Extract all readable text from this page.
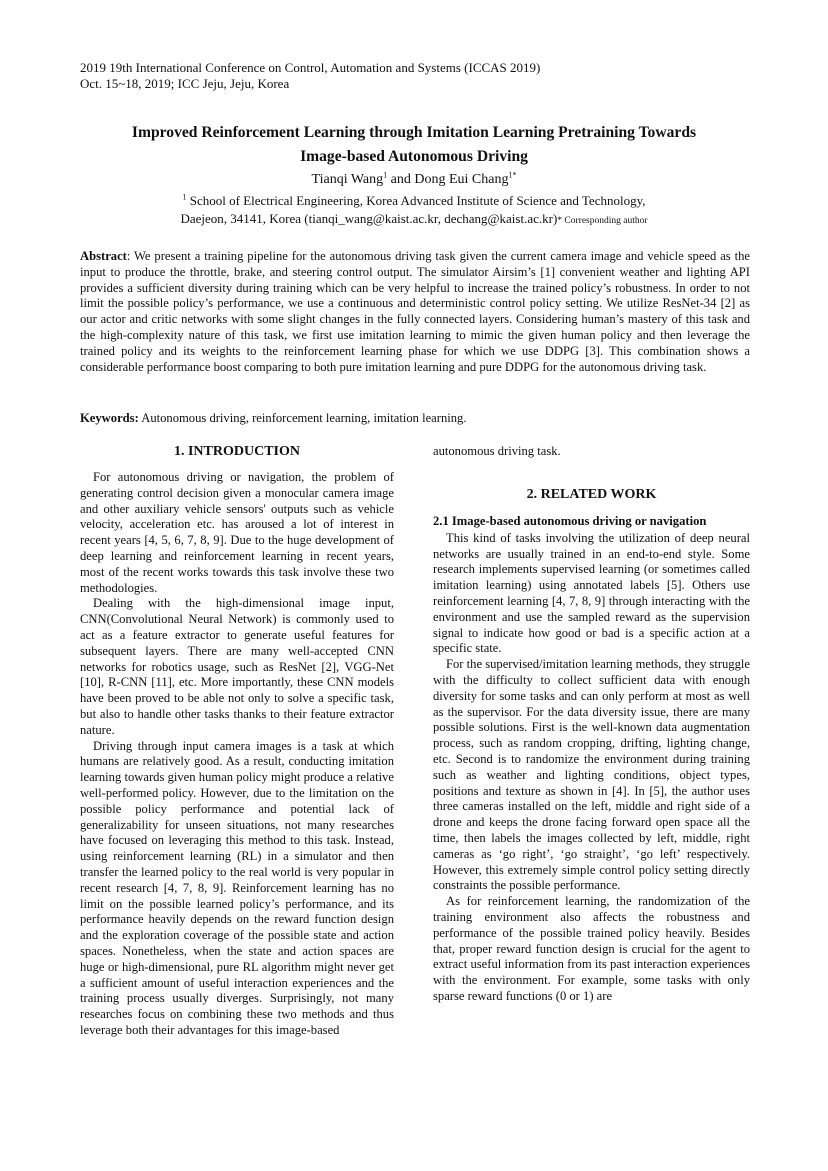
2019 19th International Conference on Control, Automation and Systems (ICCAS 2019)
Oct. 15~18, 2019; ICC Jeju, Jeju, Korea

Improved Reinforcement Learning through Imitation Learning Pretraining Towards
Image-based Autonomous Driving

Tianqi Wang$^1$ and Dong Eui Chang$^{1*}$
$^1$ School of Electrical Engineering, Korea Advanced Institute of Science and Technology,
Daejeon, 34141, Korea (tianqi_wang@kaist.ac.kr, dechang@kaist.ac.kr)* Corresponding author

Abstract: We present a training pipeline for the autonomous driving task given the current camera image and vehicle speed as the input to produce the throttle, brake, and steering control output. The simulator Airsim’s [1] convenient weather and lighting API provides a sufficient diversity during training which can be very helpful to increase the trained policy’s robustness. In order to not limit the possible policy’s performance, we use a continuous and deterministic control policy setting. We utilize ResNet-34 [2] as our actor and critic networks with some slight changes in the fully connected layers. Considering human’s mastery of this task and the high-complexity nature of this task, we first use imitation learning to mimic the given human policy and then leverage the trained policy and its weights to the reinforcement learning phase for which we use DDPG [3]. This combination shows a considerable performance boost comparing to both pure imitation learning and pure DDPG for the autonomous driving task.

Keywords: Autonomous driving, reinforcement learning, imitation learning.

1. INTRODUCTION

For autonomous driving or navigation, the problem of generating control decision given a monocular camera image and other auxiliary vehicle sensors' outputs such as vehicle velocity, acceleration etc. has aroused a lot of interest in recent years [4, 5, 6, 7, 8, 9]. Due to the huge development of deep learning and reinforcement learning in recent years, most of the recent works towards this task involve these two methodologies.

Dealing with the high-dimensional image input, CNN(Convolutional Neural Network) is commonly used to act as a feature extractor to generate useful features for subsequent layers. There are many well-accepted CNN networks for robotics usage, such as ResNet [2], VGG-Net [10], R-CNN [11], etc. More importantly, these CNN models have been proved to be able not only to solve a specific task, but also to handle other tasks thanks to their feature extractor nature.

Driving through input camera images is a task at which humans are relatively good. As a result, conducting imitation learning towards given human policy might produce a relative well-performed policy. However, due to the limitation on the possible policy performance and potential lack of generalizability for unseen situations, not many researches have focused on leveraging this method to this task. Instead, using reinforcement learning (RL) in a simulator and then transfer the learned policy to the real world is very popular in recent research [4, 7, 8, 9]. Reinforcement learning has no limit on the possible learned policy’s performance, and its performance heavily depends on the reward function design and the exploration coverage of the possible state and action spaces. Nonetheless, when the state and action spaces are huge or high-dimensional, pure RL algorithm might never get a sufficient amount of useful interaction experiences and the training process usually diverges. Surprisingly, not many researches focus on combining these two methods and thus leverage both their advantages for this image-based

autonomous driving task.

2. RELATED WORK
2.1 Image-based autonomous driving or navigation

This kind of tasks involving the utilization of deep neural networks are usually trained in an end-to-end style. Some research implements supervised learning (or sometimes called imitation learning) using annotated labels [5]. Others use reinforcement learning [4, 7, 8, 9] through interacting with the environment and use the sampled reward as the supervision signal to indicate how good or bad is a specific action at a specific state.

For the supervised/imitation learning methods, they struggle with the difficulty to collect sufficient data with enough diversity for some tasks and can only perform at most as well as the supervisor. For the data diversity issue, there are many possible solutions. First is the well-known data augmentation process, such as random cropping, drifting, lighting change, etc. Second is to randomize the environment during training such as weather and lighting conditions, object types, positions and texture as shown in [4]. In [5], the author uses three cameras installed on the left, middle and right side of a drone and keeps the drone facing forward open space all the time, then labels the images collected by left, middle, right cameras as ‘go right’, ‘go straight’, ‘go left’ respectively. However, this extremely simple control policy setting directly constraints the possible performance.

As for reinforcement learning, the randomization of the training environment also affects the robustness and performance of the possible trained policy heavily. Besides that, proper reward function design is crucial for the agent to extract useful information from its past interaction experiences with the environment. For example, some tasks with only sparse reward functions (0 or 1) are
